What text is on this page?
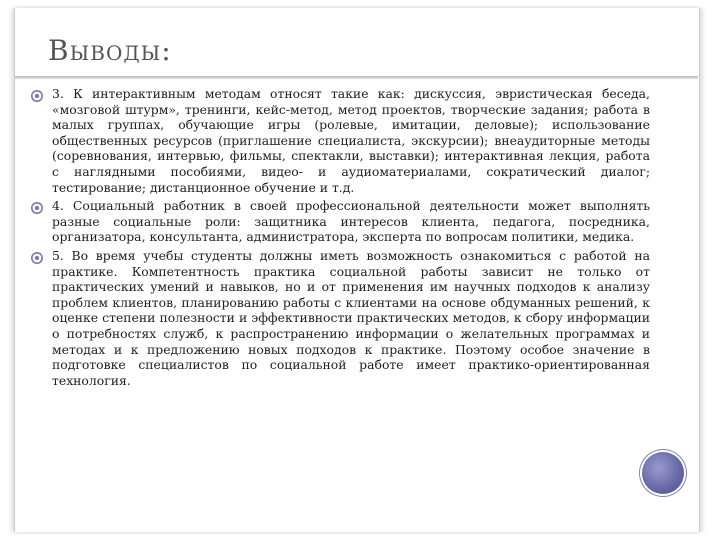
Выводы:
3. К интерактивным методам относят такие как: дискуссия, эвристическая беседа, «мозговой штурм», тренинги, кейс-метод, метод проектов, творческие задания; работа в малых группах, обучающие игры (ролевые, имитации, деловые); использование общественных ресурсов (приглашение специалиста, экскурсии); внеаудиторные методы (соревнования, интервью, фильмы, спектакли, выставки); интерактивная лекция, работа с наглядными пособиями, видео- и аудиоматериалами, сократический диалог; тестирование; дистанционное обучение и т.д.
4. Социальный работник в своей профессиональной деятельности может выполнять разные социальные роли: защитника интересов клиента, педагога, посредника, организатора, консультанта, администратора, эксперта по вопросам политики, медика.
5. Во время учебы студенты должны иметь возможность ознакомиться с работой на практике. Компетентность практика социальной работы зависит не только от практических умений и навыков, но и от применения им научных подходов к анализу проблем клиентов, планированию работы с клиентами на основе обдуманных решений, к оценке степени полезности и эффективности практических методов, к сбору информации о потребностях служб, к распространению информации о желательных программах и методах и к предложению новых подходов к практике. Поэтому особое значение в подготовке специалистов по социальной работе имеет практико-ориентированная технология.
